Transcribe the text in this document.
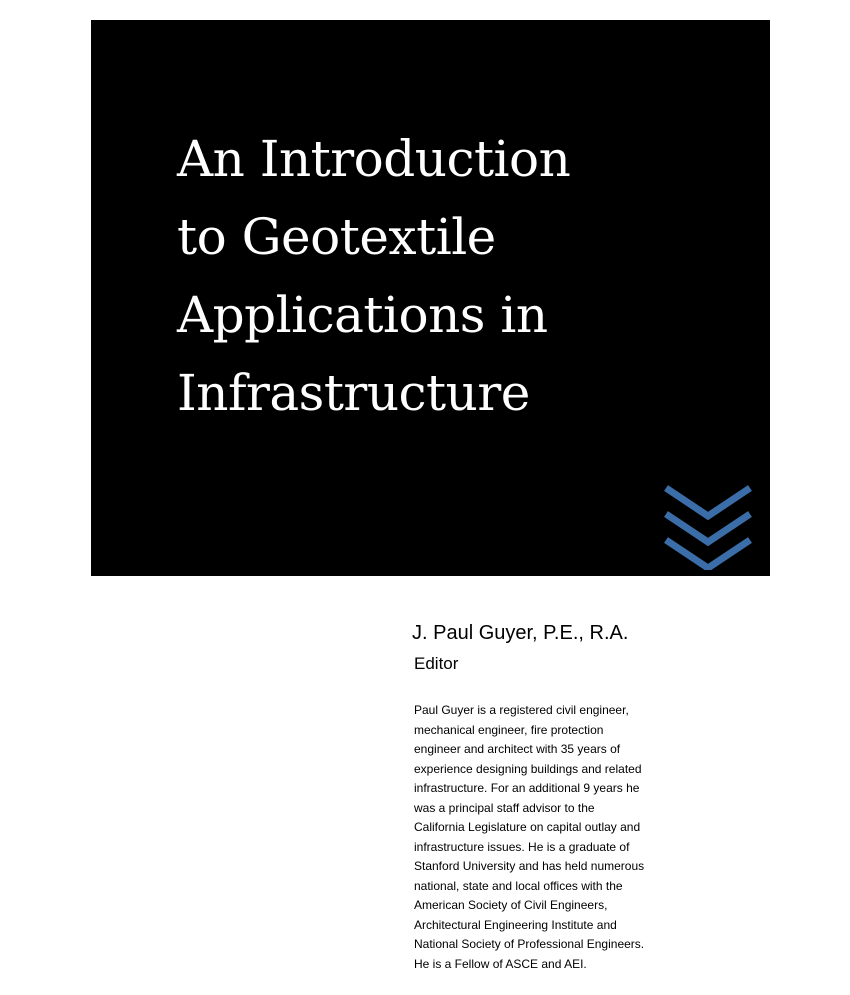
An Introduction
to Geotextile
Applications in
Infrastructure
J. Paul Guyer, P.E., R.A.
Editor
Paul Guyer is a registered civil engineer,
mechanical engineer, fire protection
engineer and architect with 35 years of
experience designing buildings and related
infrastructure. For an additional 9 years he
was a principal staff advisor to the
California Legislature on capital outlay and
infrastructure issues. He is a graduate of
Stanford University and has held numerous
national, state and local offices with the
American Society of Civil Engineers,
Architectural Engineering Institute and
National Society of Professional Engineers.
He is a Fellow of ASCE and AEI.
